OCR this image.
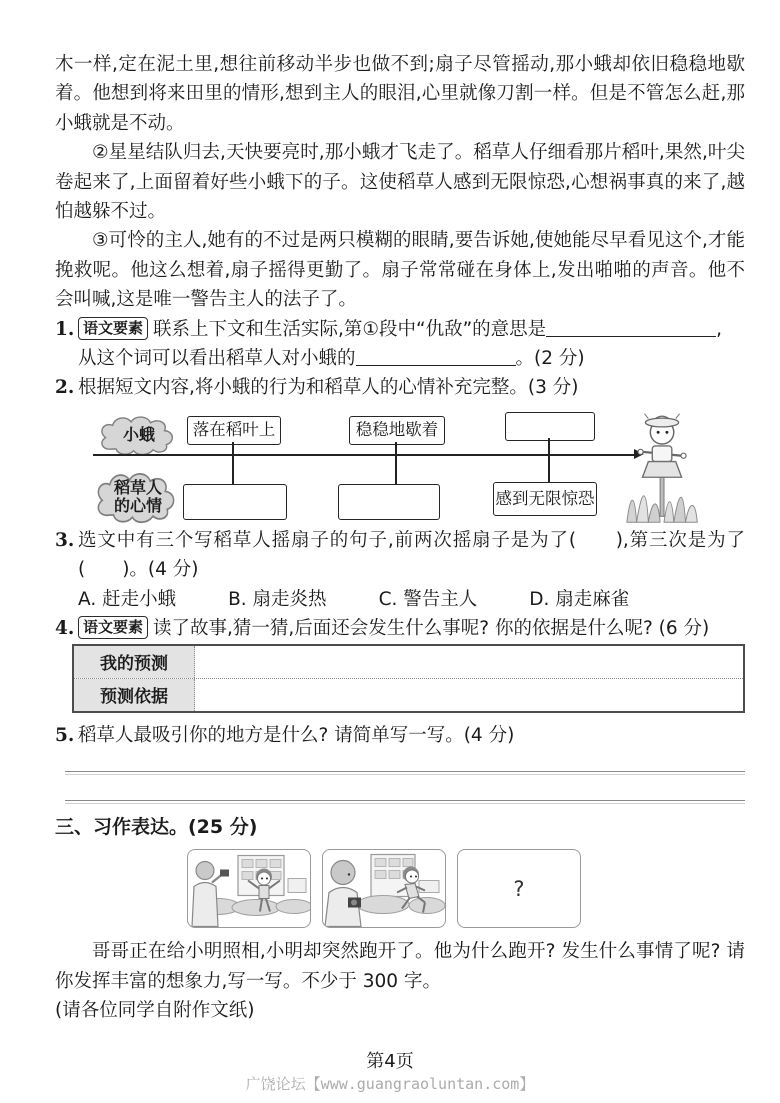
木一样,定在泥土里,想往前移动半步也做不到;扇子尽管摇动,那小蛾却依旧稳稳地歇着。他想到将来田里的情形,想到主人的眼泪,心里就像刀割一样。但是不管怎么赶,那小蛾就是不动。

②星星结队归去,天快要亮时,那小蛾才飞走了。稻草人仔细看那片稻叶,果然,叶尖卷起来了,上面留着好些小蛾下的子。这使稻草人感到无限惊恐,心想祸事真的来了,越怕越躲不过。

③可怜的主人,她有的不过是两只模糊的眼睛,要告诉她,使她能尽早看见这个,才能挽救呢。他这么想着,扇子摇得更勤了。扇子常常碰在身体上,发出啪啪的声音。他不会叫喊,这是唯一警告主人的法子了。

1. 语文要素 联系上下文和生活实际,第①段中“仇敌”的意思是	,
从这个词可以看出稻草人对小蛾的	。(2 分)
2. 根据短文内容,将小蛾的行为和稻草人的心情补充完整。(3 分)
小蛾	落在稻叶上	稳稳地歇着
稻草人
的心情	感到无限惊恐
3. 选文中有三个写稻草人摇扇子的句子,前两次摇扇子是为了(　　),第三次是为了(　　)。(4 分)
A. 赶走小蛾	B. 扇走炎热	C. 警告主人	D. 扇走麻雀
4. 语文要素 读了故事,猜一猜,后面还会发生什么事呢? 你的依据是什么呢? (6 分)
我的预测
预测依据
5. 稻草人最吸引你的地方是什么? 请简单写一写。(4 分)
三、习作表达。(25 分)
?

哥哥正在给小明照相,小明却突然跑开了。他为什么跑开? 发生什么事情了呢? 请你发挥丰富的想象力,写一写。不少于 300 字。

(请各位同学自附作文纸)

第4页
广饶论坛【www.guangraoluntan.com】
